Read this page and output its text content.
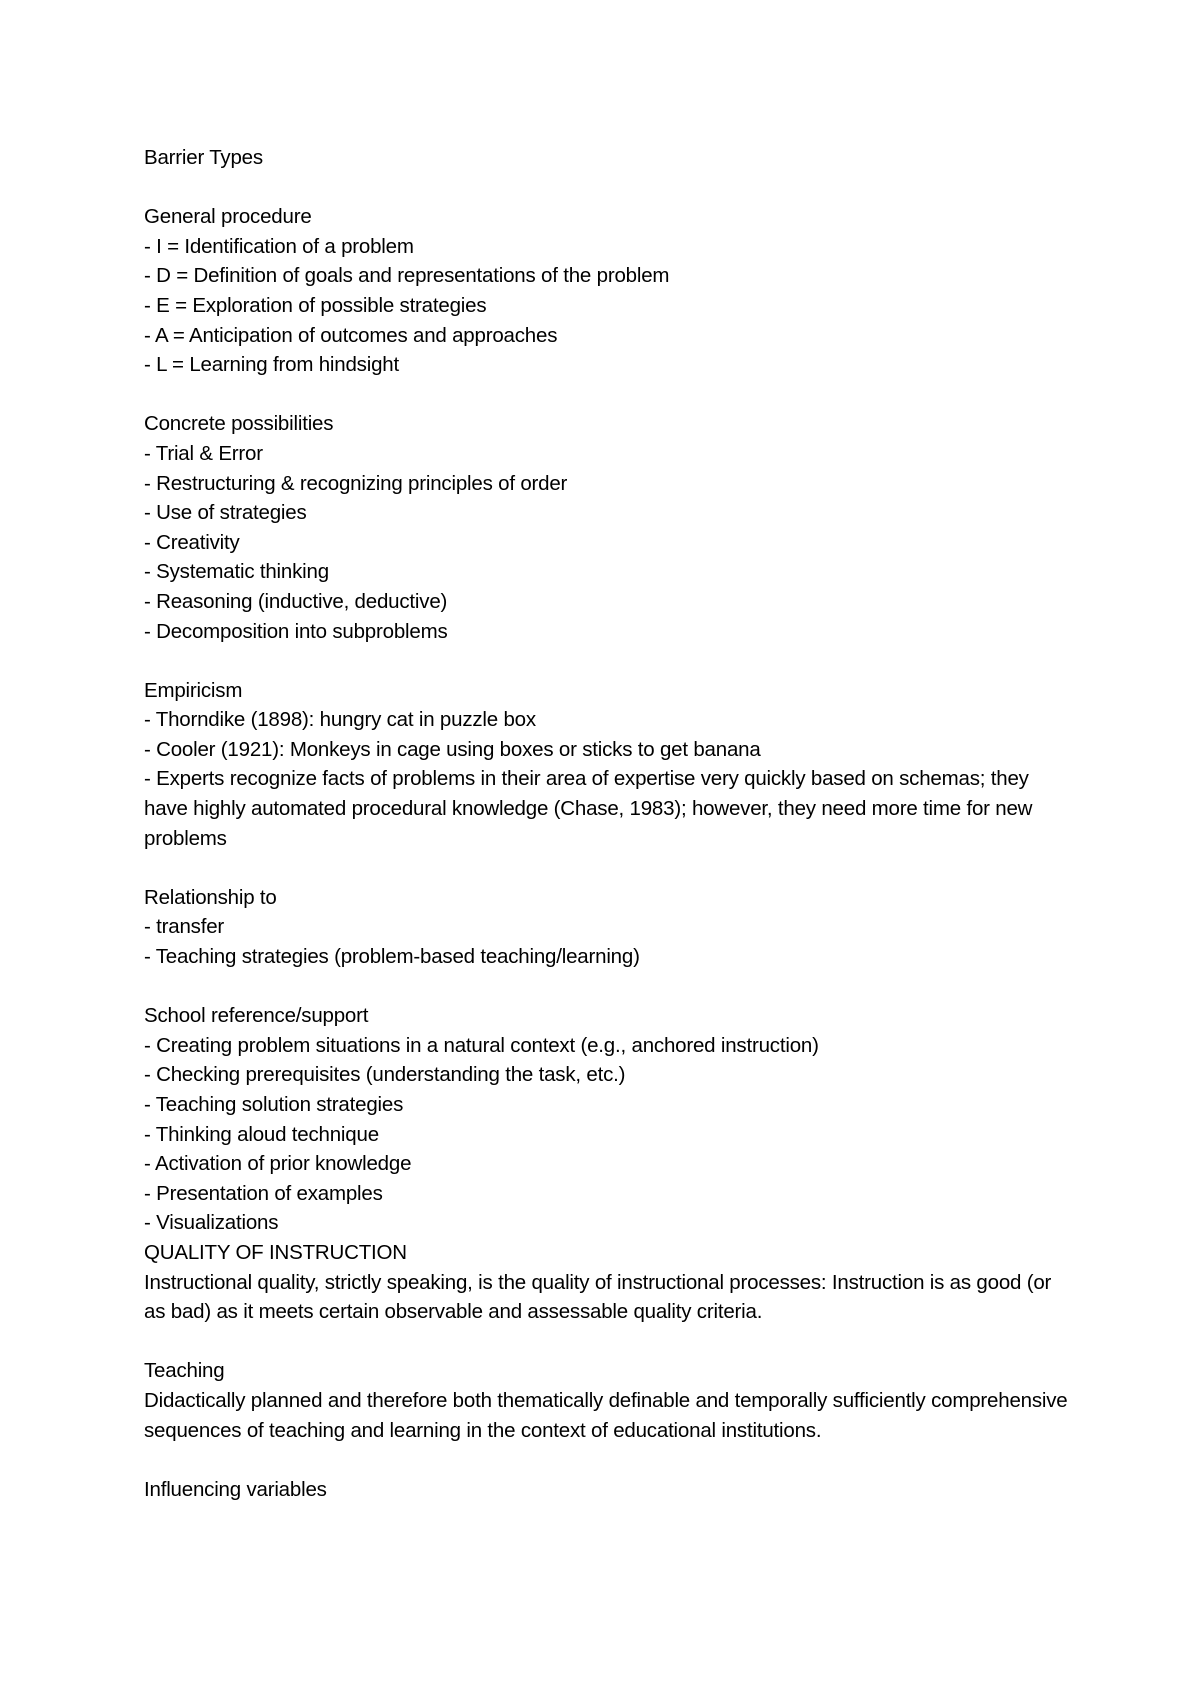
Barrier Types
General procedure
- I = Identification of a problem
- D = Definition of goals and representations of the problem
- E = Exploration of possible strategies
- A = Anticipation of outcomes and approaches
- L = Learning from hindsight
Concrete possibilities
- Trial & Error
- Restructuring & recognizing principles of order
- Use of strategies
- Creativity
- Systematic thinking
- Reasoning (inductive, deductive)
- Decomposition into subproblems
Empiricism
- Thorndike (1898): hungry cat in puzzle box
- Cooler (1921): Monkeys in cage using boxes or sticks to get banana
- Experts recognize facts of problems in their area of expertise very quickly based on schemas; they have highly automated procedural knowledge (Chase, 1983); however, they need more time for new problems
Relationship to
- transfer
- Teaching strategies (problem-based teaching/learning)
School reference/support
- Creating problem situations in a natural context (e.g., anchored instruction)
- Checking prerequisites (understanding the task, etc.)
- Teaching solution strategies
- Thinking aloud technique
- Activation of prior knowledge
- Presentation of examples
- Visualizations
QUALITY OF INSTRUCTION
Instructional quality, strictly speaking, is the quality of instructional processes: Instruction is as good (or as bad) as it meets certain observable and assessable quality criteria.
Teaching
Didactically planned and therefore both thematically definable and temporally sufficiently comprehensive sequences of teaching and learning in the context of educational institutions.
Influencing variables
